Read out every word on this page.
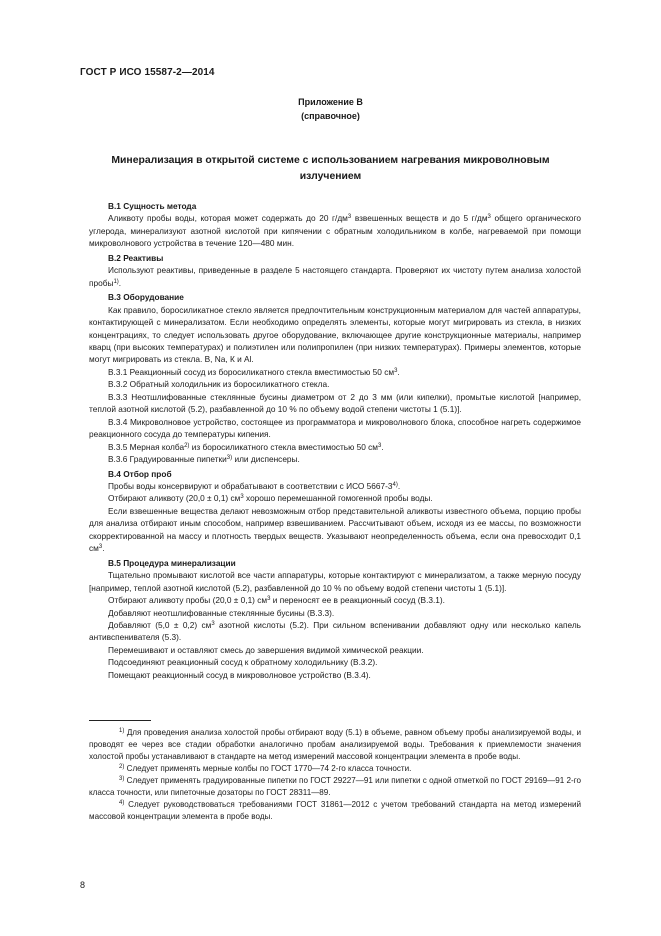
ГОСТ Р ИСО 15587-2—2014
Приложение В
(справочное)
Минерализация в открытой системе с использованием нагревания микроволновым излучением

В.1 Сущность метода

Аликвоту пробы воды, которая может содержать до 20 $г/дм^3$ взвешенных веществ и до 5 $г/дм^3$ общего органического углерода, минерализуют азотной кислотой при кипячении с обратным холодильником в колбе, нагреваемой при помощи микроволнового устройства в течение 120—480 мин.

В.2 Реактивы

Используют реактивы, приведенные в разделе 5 настоящего стандарта. Проверяют их чистоту путем анализа холостой пробы$^{1)}$.

В.3 Оборудование

Как правило, боросиликатное стекло является предпочтительным конструкционным материалом для частей аппаратуры, контактирующей с минерализатом. Если необходимо определять элементы, которые могут мигрировать из стекла, в низких концентрациях, то следует использовать другое оборудование, включающее другие конструкционные материалы, например кварц (при высоких температурах) и полиэтилен или полипропилен (при низких температурах). Примеры элементов, которые могут мигрировать из стекла. В, Na, К и Al.

В.3.1 Реакционный сосуд из боросиликатного стекла вместимостью 50 $см^3$.

В.3.2 Обратный холодильник из боросиликатного стекла.

В.3.3 Неотшлифованные стеклянные бусины диаметром от 2 до 3 мм (или кипелки), промытые кислотой [например, теплой азотной кислотой (5.2), разбавленной до 10 % по объему водой степени чистоты 1 (5.1)].

В.3.4 Микроволновое устройство, состоящее из программатора и микроволнового блока, способное нагреть содержимое реакционного сосуда до температуры кипения.

В.3.5 Мерная колба$^{2)}$ из боросиликатного стекла вместимостью 50 $см^3$.

В.3.6 Градуированные пипетки$^{3)}$ или диспенсеры.

В.4 Отбор проб

Пробы воды консервируют и обрабатывают в соответствии с ИСО 5667-3$^{4)}$.

Отбирают аликвоту (20,0 ± 0,1) $см^3$ хорошо перемешанной гомогенной пробы воды.

Если взвешенные вещества делают невозможным отбор представительной аликвоты известного объема, порцию пробы для анализа отбирают иным способом, например взвешиванием. Рассчитывают объем, исходя из ее массы, по возможности скорректированной на массу и плотность твердых веществ. Указывают неопределенность объема, если она превосходит 0,1 $см^3$.

В.5 Процедура минерализации

Тщательно промывают кислотой все части аппаратуры, которые контактируют с минерализатом, а также мерную посуду [например, теплой азотной кислотой (5.2), разбавленной до 10 % по объему водой степени чистоты 1 (5.1)].

Отбирают аликвоту пробы (20,0 ± 0,1) $см^3$ и переносят ее в реакционный сосуд (В.3.1).

Добавляют неотшлифованные стеклянные бусины (В.3.3).

Добавляют (5,0 ± 0,2) $см^3$ азотной кислоты (5.2). При сильном вспенивании добавляют одну или несколько капель антивспенивателя (5.3).

Перемешивают и оставляют смесь до завершения видимой химической реакции.

Подсоединяют реакционный сосуд к обратному холодильнику (В.3.2).

Помещают реакционный сосуд в микроволновое устройство (В.3.4).

$^{1)}$ Для проведения анализа холостой пробы отбирают воду (5.1) в объеме, равном объему пробы анализируемой воды, и проводят ее через все стадии обработки аналогично пробам анализируемой воды. Требования к приемлемости значения холостой пробы устанавливают в стандарте на метод измерений массовой концентрации элемента в пробе воды.

$^{2)}$ Следует применять мерные колбы по ГОСТ 1770—74 2-го класса точности.

$^{3)}$ Следует применять градуированные пипетки по ГОСТ 29227—91 или пипетки с одной отметкой по ГОСТ 29169—91 2-го класса точности, или пипеточные дозаторы по ГОСТ 28311—89.

$^{4)}$ Следует руководствоваться требованиями ГОСТ 31861—2012 с учетом требований стандарта на метод измерений массовой концентрации элемента в пробе воды.

8
